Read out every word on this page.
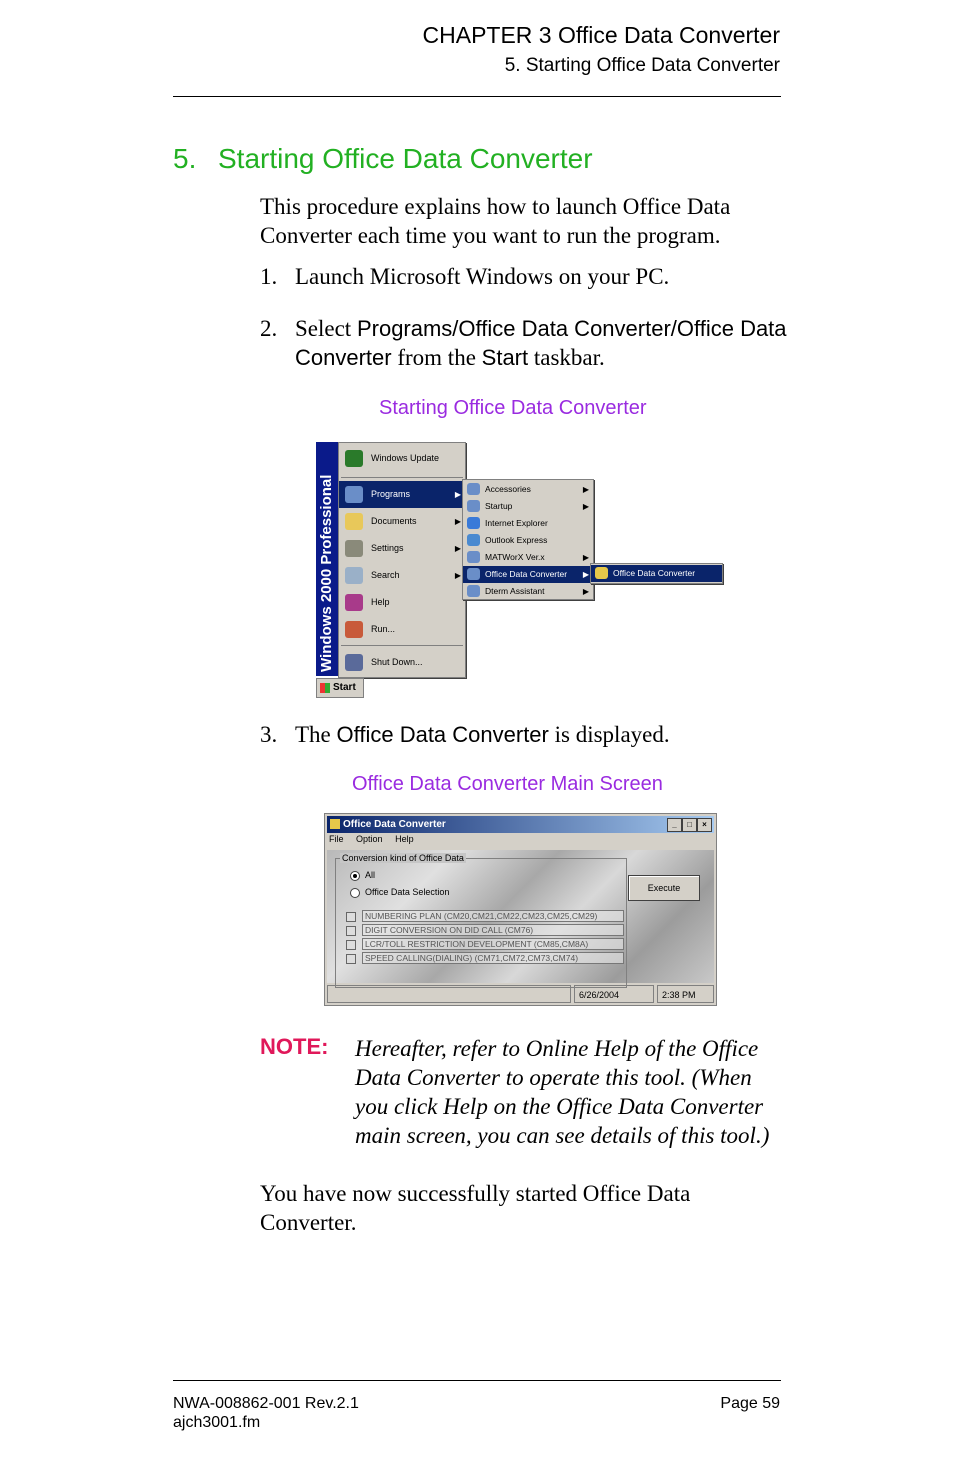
CHAPTER 3 Office Data Converter
5. Starting Office Data Converter
5. Starting Office Data Converter
This procedure explains how to launch Office Data Converter each time you want to run the program.
1. Launch Microsoft Windows on your PC.
2. Select Programs/Office Data Converter/Office Data Converter from the Start taskbar.
Starting Office Data Converter
Windows 2000 Professional
Windows Update
Programs	▶
Documents	▶
Settings	▶
Search	▶
Help
Run...
Shut Down...
Accessories	▶
Startup	▶
Internet Explorer
Outlook Express
MATWorX Ver.x	▶
Office Data Converter ▶
Dterm Assistant	▶
Office Data Converter
Start
3. The Office Data Converter is displayed.
Office Data Converter Main Screen
Office Data Converter	_	□	×
File Option Help
Conversion kind of Office Data
All
Office Data Selection
NUMBERING PLAN (CM20,CM21,CM22,CM23,CM25,CM29)
DIGIT CONVERSION ON DID CALL (CM76)
LCR/TOLL RESTRICTION DEVELOPMENT (CM85,CM8A)
SPEED CALLING(DIALING) (CM71,CM72,CM73,CM74)
Execute
6/26/2004	2:38 PM
NOTE: Hereafter, refer to Online Help of the Office Data Converter to operate this tool. (When you click Help on the Office Data Converter main screen, you can see details of this tool.)
You have now successfully started Office Data Converter.
NWA-008862-001 Rev.2.1
ajch3001.fm
Page 59
